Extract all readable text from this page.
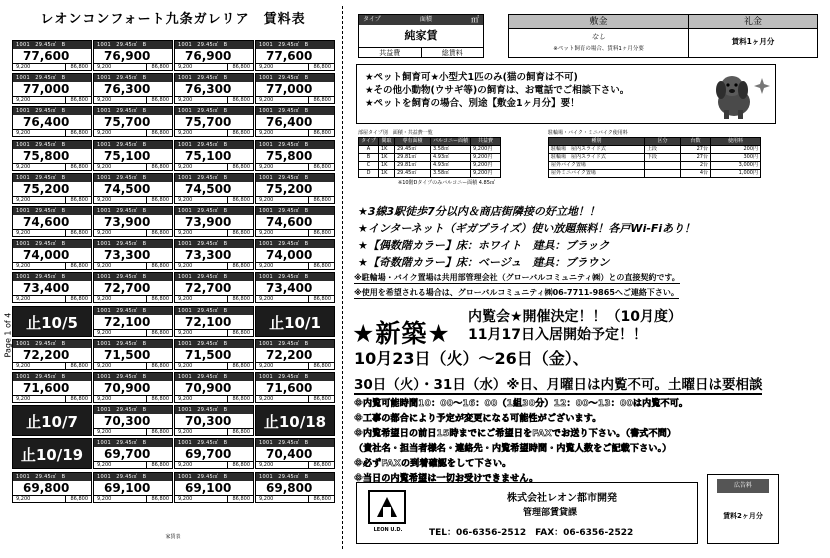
Page 1 of 4
レオンコンフォート九条ガレリア　賃料表
1001　29.45㎡　B
77,600
9,200	86,800
1001　29.45㎡　B
76,900
9,200	86,800
1001　29.45㎡　B
76,900
9,200	86,800
1001　29.45㎡　B
77,600
9,200	86,800
1001　29.45㎡　B
77,000
9,200	86,800
1001　29.45㎡　B
76,300
9,200	86,800
1001　29.45㎡　B
76,300
9,200	86,800
1001　29.45㎡　B
77,000
9,200	86,800
1001　29.45㎡　B
76,400
9,200	86,800
1001　29.45㎡　B
75,700
9,200	86,800
1001　29.45㎡　B
75,700
9,200	86,800
1001　29.45㎡　B
76,400
9,200	86,800
1001　29.45㎡　B
75,800
9,200	86,800
1001　29.45㎡　B
75,100
9,200	86,800
1001　29.45㎡　B
75,100
9,200	86,800
1001　29.45㎡　B
75,800
9,200	86,800
1001　29.45㎡　B
75,200
9,200	86,800
1001　29.45㎡　B
74,500
9,200	86,800
1001　29.45㎡　B
74,500
9,200	86,800
1001　29.45㎡　B
75,200
9,200	86,800
1001　29.45㎡　B
74,600
9,200	86,800
1001　29.45㎡　B
73,900
9,200	86,800
1001　29.45㎡　B
73,900
9,200	86,800
1001　29.45㎡　B
74,600
9,200	86,800
1001　29.45㎡　B
74,000
9,200	86,800
1001　29.45㎡　B
73,300
9,200	86,800
1001　29.45㎡　B
73,300
9,200	86,800
1001　29.45㎡　B
74,000
9,200	86,800
1001　29.45㎡　B
73,400
9,200	86,800
1001　29.45㎡　B
72,700
9,200	86,800
1001　29.45㎡　B
72,700
9,200	86,800
1001　29.45㎡　B
73,400
9,200	86,800
止10/5
1001　29.45㎡　B
72,100
9,200	86,800
1001　29.45㎡　B
72,100
9,200	86,800
止10/1
1001　29.45㎡　B
72,200
9,200	86,800
1001　29.45㎡　B
71,500
9,200	86,800
1001　29.45㎡　B
71,500
9,200	86,800
1001　29.45㎡　B
72,200
9,200	86,800
1001　29.45㎡　B
71,600
9,200	86,800
1001　29.45㎡　B
70,900
9,200	86,800
1001　29.45㎡　B
70,900
9,200	86,800
1001　29.45㎡　B
71,600
9,200	86,800
止10/7
1001　29.45㎡　B
70,300
9,200	86,800
1001　29.45㎡　B
70,300
9,200	86,800
止10/18
止10/19
1001　29.45㎡　B
69,700
9,200	86,800
1001　29.45㎡　B
69,700
9,200	86,800
1001　29.45㎡　B
70,400
9,200	86,800
1001　29.45㎡　B
69,800
9,200	86,800
1001　29.45㎡　B
69,100
9,200	86,800
1001　29.45㎡　B
69,100
9,200	86,800
1001　29.45㎡　B
69,800
9,200	86,800
家賃表
タイプ	面積	㎡
純家賃
共益費	総賃料
敷金	礼金
なし
※ペット飼育の場合、賃料1ヶ月分要
賃料1ヶ月分
★ペット飼育可★小型犬1匹のみ(猫の飼育は不可)
★その他小動物(ウサギ等)の飼育は、お電話でご相談下さい。
★ペットを飼育の場合、別途【敷金1ヶ月分】要！
部屋タイプ別　面積・共益費一覧
タイプ	間取	専有面積	バルコニー面積	共益費
A	1K	29.45㎡	3.58㎡	9,200円
B	1K	29.81㎡	4.93㎡	9,200円
C	1K	29.81㎡	4.93㎡	9,200円
D	1K	29.45㎡	3.58㎡	9,200円
※10階Dタイプのみバルコニー面積 4.85㎡
駐輪場・バイク・ミニバイク使用料
種別	区分	台数	使用料
駐輪場　屋内スライド式	上段	27台	200円
駐輪場　屋内スライド式	下段	27台	300円
屋外バイク置場		2台	3,000円
屋外ミニバイク置場		4台	1,000円
★3線3駅徒歩7分以内＆商店街隣接の好立地！！
★インターネット（ギガプライズ）使い放題無料！各戸Wi-Fiあり！
★【偶数階カラー】床：ホワイト　建具：ブラック
★【奇数階カラー】床：ベージュ　建具：ブラウン
※駐輪場・バイク置場は共用部管理会社（グローバルコミュニティ㈱）との直接契約です。
※使用を希望される場合は、グローバルコミュニティ㈱06-7711-9865へご連絡下さい。
★新築★
内覧会★開催決定！！（10月度）
11月17日入居開始予定！！
10月23日（火）～26日（金）、
30日（火）・31日（水）※日、月曜日は内覧不可。土曜日は要相談
※内覧可能時間10：00～16：00（1組30分）12：00～13：00は内覧不可。
※工事の都合により予定が変更になる可能性がございます。
※内覧希望日の前日15時までにご希望日をFAXでお送り下さい。（書式不問）
（貴社名・担当者様名・連絡先・内覧希望時間・内覧人数をご記載下さい。）
※必ずFAXの到着確認をして下さい。
※当日の内覧希望は一切お受けできません。
LEON U.D.
株式会社レオン都市開発
管理部賃貸課
TEL：06-6356-2512　FAX：06-6356-2522
広告料
賃料2ヶ月分
